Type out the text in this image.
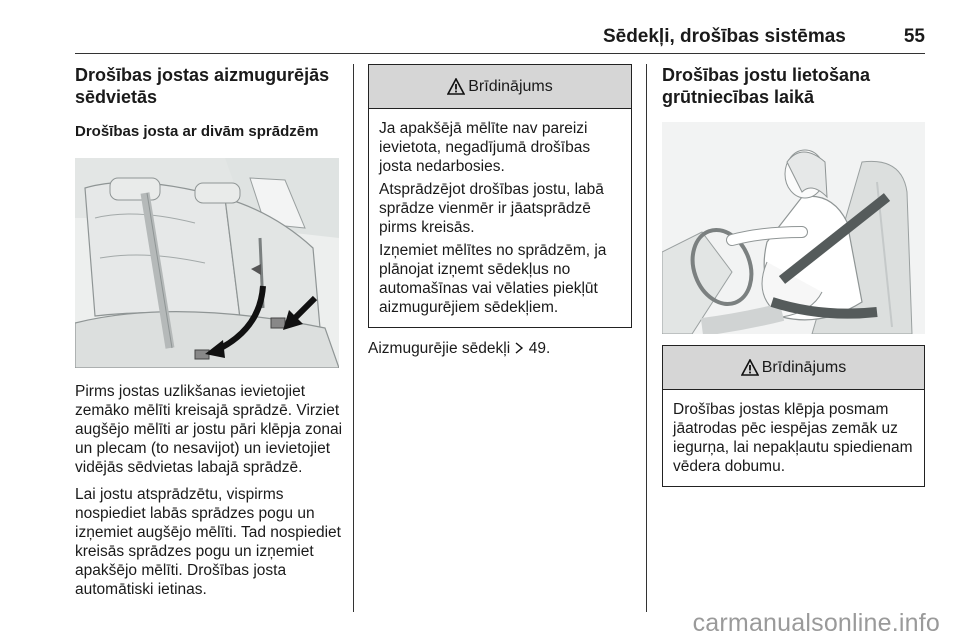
Sēdekļi, drošības sistēmas	55
Drošības jostas aizmugurējās sēdvietās
Drošības josta ar divām sprādzēm

Pirms jostas uzlikšanas ievietojiet zemāko mēlīti kreisajā sprādzē. Virziet augšējo mēlīti ar jostu pāri klēpja zonai un plecam (to nesavijot) un ievietojiet vidējās sēdvietas labajā sprādzē.

Lai jostu atsprādzētu, vispirms nospiediet labās sprādzes pogu un izņemiet augšējo mēlīti. Tad nospiediet kreisās sprādzes pogu un izņemiet apakšējo mēlīti. Drošības josta automātiski ietinas.

Brīdinājums

Ja apakšējā mēlīte nav pareizi ievietota, negadījumā drošības josta nedarbosies.

Atsprādzējot drošības jostu, labā sprādze vienmēr ir jāatsprādzē pirms kreisās.

Izņemiet mēlītes no sprādzēm, ja plānojat izņemt sēdekļus no automašīnas vai vēlaties piekļūt aizmugurējiem sēdekļiem.

Aizmugurējie sēdekļi 49.
Drošības jostu lietošana grūtniecības laikā
Brīdinājums

Drošības jostas klēpja posmam jāatrodas pēc iespējas zemāk uz iegurņa, lai nepakļautu spiedienam vēdera dobumu.

carmanualsonline.info
